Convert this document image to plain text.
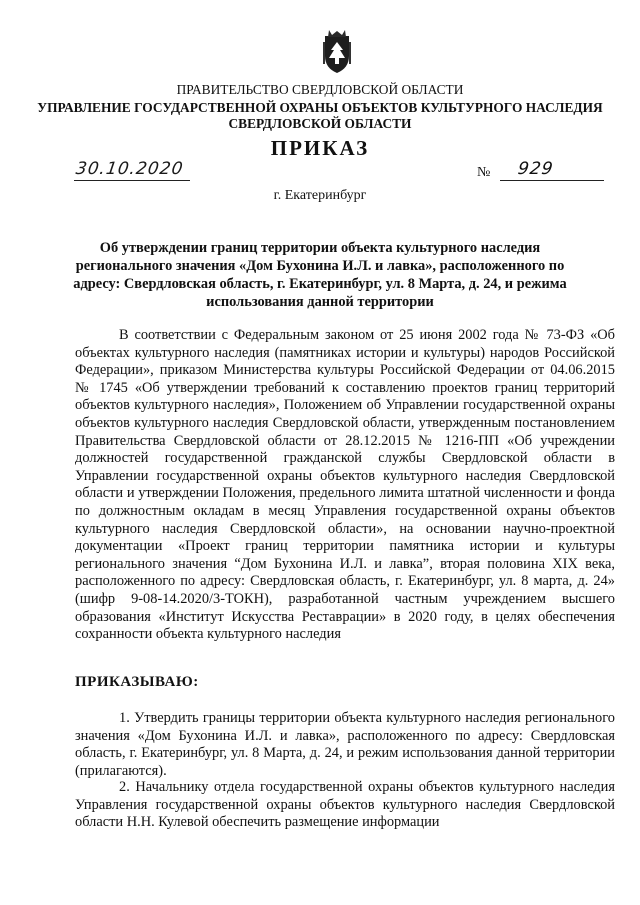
ПРАВИТЕЛЬСТВО СВЕРДЛОВСКОЙ ОБЛАСТИ
УПРАВЛЕНИЕ ГОСУДАРСТВЕННОЙ ОХРАНЫ ОБЪЕКТОВ КУЛЬТУРНОГО НАСЛЕДИЯ
СВЕРДЛОВСКОЙ ОБЛАСТИ
ПРИКАЗ
30.10.2020	№ 929
г. Екатеринбург
Об утверждении границ территории объекта культурного наследия регионального значения «Дом Бухонина И.Л. и лавка», расположенного по адресу: Свердловская область, г. Екатеринбург, ул. 8 Марта, д. 24, и режима использования данной территории

В соответствии с Федеральным законом от 25 июня 2002 года № 73-ФЗ «Об объектах культурного наследия (памятниках истории и культуры) народов Российской Федерации», приказом Министерства культуры Российской Федерации от 04.06.2015 № 1745 «Об утверждении требований к составлению проектов границ территорий объектов культурного наследия», Положением об Управлении государственной охраны объектов культурного наследия Свердловской области, утвержденным постановлением Правительства Свердловской области от 28.12.2015 № 1216-ПП «Об учреждении должностей государственной гражданской службы Свердловской области в Управлении государственной охраны объектов культурного наследия Свердловской области и утверждении Положения, предельного лимита штатной численности и фонда по должностным окладам в месяц Управления государственной охраны объектов культурного наследия Свердловской области», на основании научно-проектной документации «Проект границ территории памятника истории и культуры регионального значения “Дом Бухонина И.Л. и лавка”, вторая половина XIX века, расположенного по адресу: Свердловская область, г. Екатеринбург, ул. 8 марта, д. 24» (шифр 9-08-14.2020/3-ТОКН), разработанной частным учреждением высшего образования «Институт Искусства Реставрации» в 2020 году, в целях обеспечения сохранности объекта культурного наследия

ПРИКАЗЫВАЮ:

1. Утвердить границы территории объекта культурного наследия регионального значения «Дом Бухонина И.Л. и лавка», расположенного по адресу: Свердловская область, г. Екатеринбург, ул. 8 Марта, д. 24, и режим использования данной территории (прилагаются).

2. Начальнику отдела государственной охраны объектов культурного наследия Управления государственной охраны объектов культурного наследия Свердловской области Н.Н. Кулевой обеспечить размещение информации
